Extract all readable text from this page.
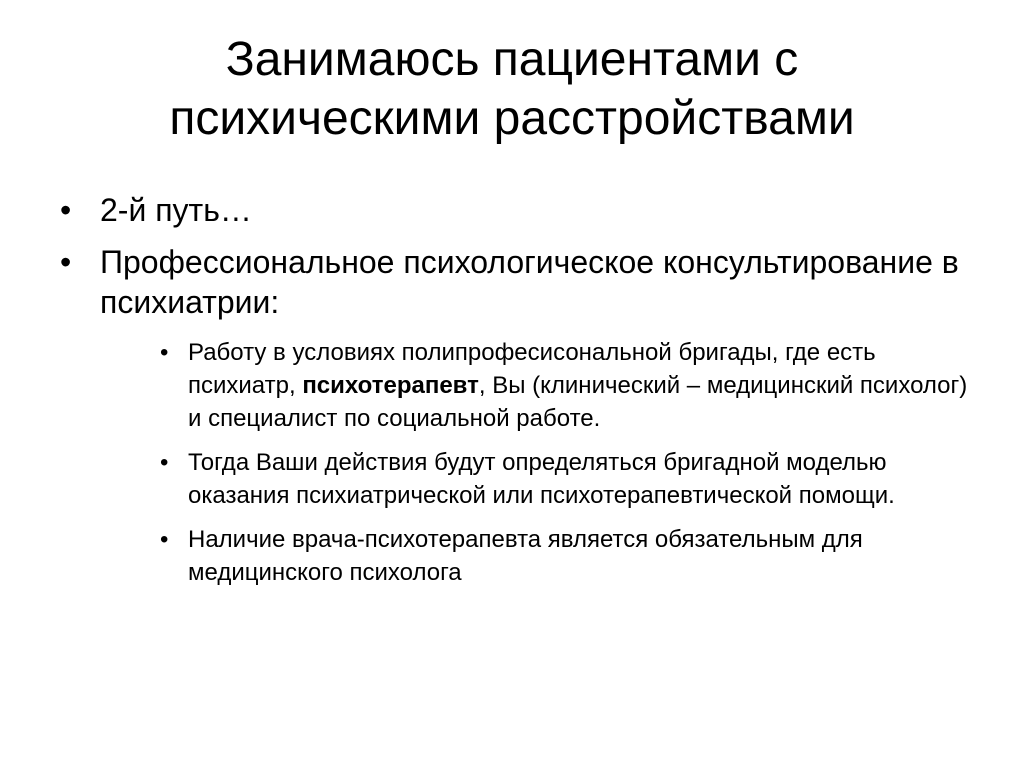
Занимаюсь пациентами с
психическими расстройствами
• 2-й путь…
• Профессиональное психологическое консультирование в психиатрии:
• Работу в условиях полипрофесисональной бригады, где есть психиатр, психотерапевт, Вы (клинический – медицинский психолог) и специалист по социальной работе.
• Тогда Ваши действия будут определяться бригадной моделью оказания психиатрической или психотерапевтической помощи.
• Наличие врача-психотерапевта является обязательным для медицинского психолога
